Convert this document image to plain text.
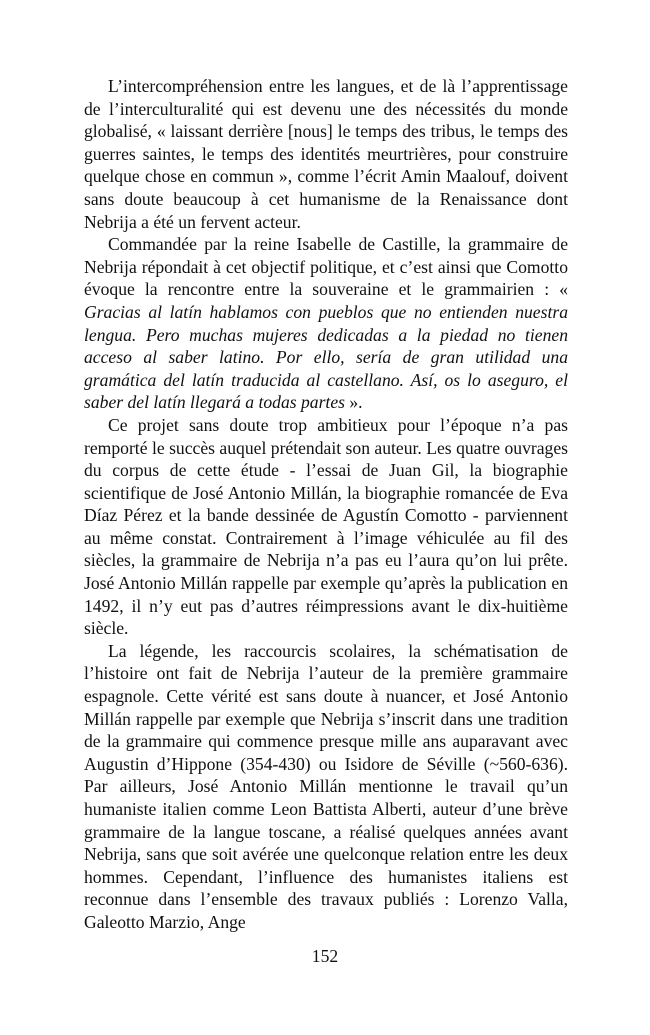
L’intercompréhension entre les langues, et de là l’apprentissage de l’interculturalité qui est devenu une des nécessités du monde globalisé, « laissant derrière [nous] le temps des tribus, le temps des guerres saintes, le temps des identités meurtrières, pour construire quelque chose en commun », comme l’écrit Amin Maalouf, doivent sans doute beaucoup à cet humanisme de la Renaissance dont Nebrija a été un fervent acteur.

Commandée par la reine Isabelle de Castille, la grammaire de Nebrija répondait à cet objectif politique, et c’est ainsi que Comotto évoque la rencontre entre la souveraine et le grammairien : « Gracias al latín hablamos con pueblos que no entienden nuestra lengua. Pero muchas mujeres dedicadas a la piedad no tienen acceso al saber latino. Por ello, sería de gran utilidad una gramática del latín traducida al castellano. Así, os lo aseguro, el saber del latín llegará a todas partes ».

Ce projet sans doute trop ambitieux pour l’époque n’a pas remporté le succès auquel prétendait son auteur. Les quatre ouvrages du corpus de cette étude - l’essai de Juan Gil, la biographie scientifique de José Antonio Millán, la biographie romancée de Eva Díaz Pérez et la bande dessinée de Agustín Comotto - parviennent au même constat. Contrairement à l’image véhiculée au fil des siècles, la grammaire de Nebrija n’a pas eu l’aura qu’on lui prête. José Antonio Millán rappelle par exemple qu’après la publication en 1492, il n’y eut pas d’autres réimpressions avant le dix-huitième siècle.

La légende, les raccourcis scolaires, la schématisation de l’histoire ont fait de Nebrija l’auteur de la première grammaire espagnole. Cette vérité est sans doute à nuancer, et José Antonio Millán rappelle par exemple que Nebrija s’inscrit dans une tradition de la grammaire qui commence presque mille ans auparavant avec Augustin d’Hippone (354-430) ou Isidore de Séville (~560-636). Par ailleurs, José Antonio Millán mentionne le travail qu’un humaniste italien comme Leon Battista Alberti, auteur d’une brève grammaire de la langue toscane, a réalisé quelques années avant Nebrija, sans que soit avérée une quelconque relation entre les deux hommes. Cependant, l’influence des humanistes italiens est reconnue dans l’ensemble des travaux publiés : Lorenzo Valla, Galeotto Marzio, Ange

152
